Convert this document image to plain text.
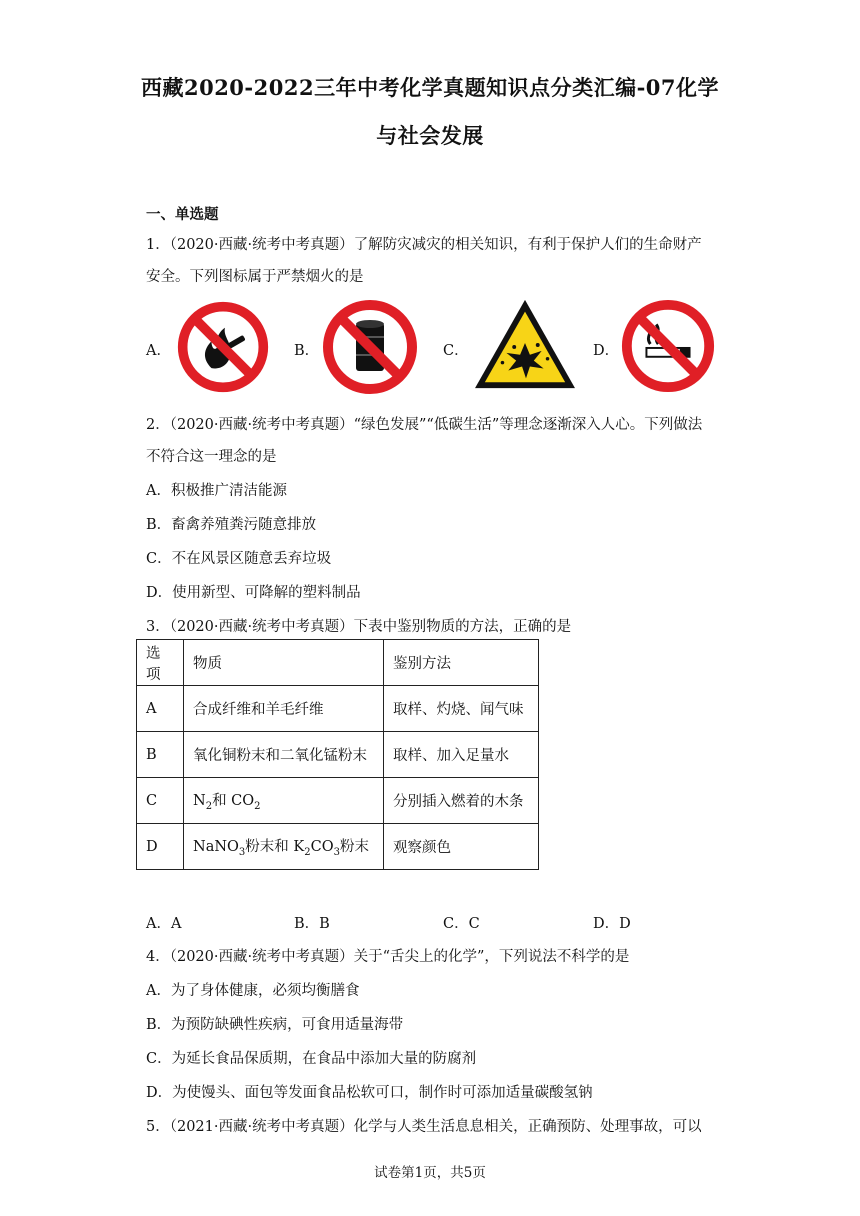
西藏2020-2022三年中考化学真题知识点分类汇编-07化学
与社会发展
一、单选题
1．（2020·西藏·统考中考真题）了解防灾减灾的相关知识，有利于保护人们的生命财产
安全。下列图标属于严禁烟火的是
A．	B．	C．	D．
2．（2020·西藏·统考中考真题）“绿色发展”“低碳生活”等理念逐渐深入人心。下列做法
不符合这一理念的是
A．积极推广清洁能源
B．畜禽养殖粪污随意排放
C．不在风景区随意丢弃垃圾
D．使用新型、可降解的塑料制品
3．（2020·西藏·统考中考真题）下表中鉴别物质的方法，正确的是
选项	物质	鉴别方法
A	合成纤维和羊毛纤维	取样、灼烧、闻气味
B	氧化铜粉末和二氧化锰粉末	取样、加入足量水
C	$N_2$和 $CO_2$	分别插入燃着的木条
D	NaNO$_3$粉末和 $K_2CO_3$粉末	观察颜色
A．A	B．B	C．C	D．D
4．（2020·西藏·统考中考真题）关于“舌尖上的化学”，下列说法不科学的是
A．为了身体健康，必须均衡膳食
B．为预防缺碘性疾病，可食用适量海带
C．为延长食品保质期，在食品中添加大量的防腐剂
D．为使馒头、面包等发面食品松软可口，制作时可添加适量碳酸氢钠
5．（2021·西藏·统考中考真题）化学与人类生活息息相关，正确预防、处理事故，可以
试卷第1页，共5页
